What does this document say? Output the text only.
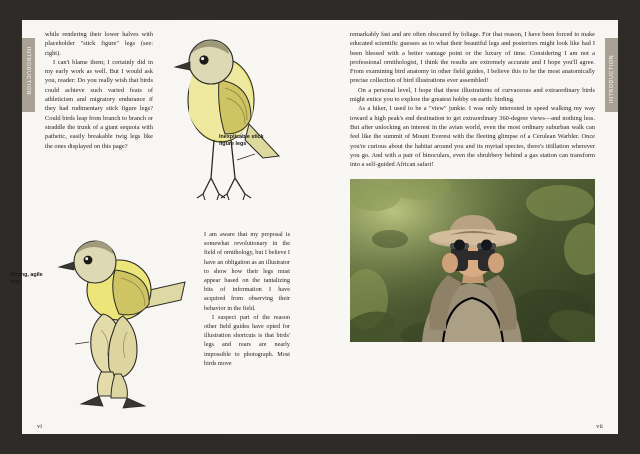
INTRODUCTION

while rendering their lower halves with placeholder "stick figure" legs (see: right).

I can't blame them; I certainly did in my early work as well. But I would ask you, reader: Do you really wish that birds could achieve such varied feats of athleticism and migratory endurance if they had rudimentary stick figure legs? Could birds leap from branch to branch or straddle the trunk of a giant sequoia with pathetic, easily breakable twig legs like the ones displayed on this page?

Inexplicable stick figure legs

I am aware that my proposal is somewhat revolutionary in the field of ornithology, but I believe I have an obligation as an illustrator to show how their legs must appear based on the tantalizing bits of information I have acquired from observing their behavior in the field.

I suspect part of the reason other field guides have opted for illustration shortcuts is that birds' legs and rears are nearly impossible to photograph. Most birds move

Strong, agile legs
vi
INTRODUCTION

remarkably fast and are often obscured by foliage. For that reason, I have been forced to make educated scientific guesses as to what their beautiful legs and posteriors might look like had I been blessed with a better vantage point or the luxury of time. Considering I am not a professional ornithologist, I think the results are extremely accurate and I hope you'll agree. From examining bird anatomy in other field guides, I believe this to be the most anatomically precise collection of bird illustrations ever assembled!

On a personal level, I hope that these illustrations of curvaceous and extraordinary birds might entice you to explore the greatest hobby on earth: birding.

As a hiker, I used to be a "view" junkie. I was only interested in speed walking my way toward a high peak's end destination to get extraordinary 360-degree views—and nothing less. But after unlocking an interest in the avian world, even the most ordinary suburban walk can feel like the summit of Mount Everest with the fleeting glimpse of a Cerulean Warbler. Once you're curious about the habitat around you and its myriad species, there's titillation wherever you go. And with a pair of binoculars, even the shrubbery behind a gas station can transform into a self-guided African safari!

vii
